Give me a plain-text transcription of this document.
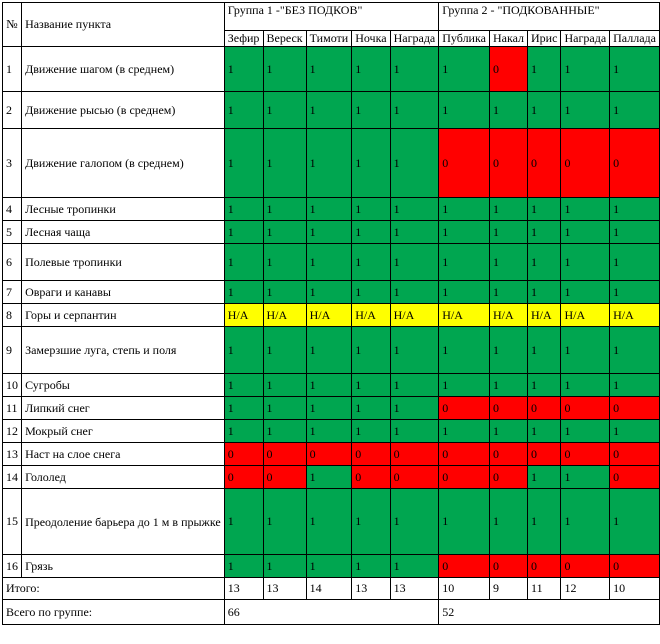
№	Название пункта	Группа 1 -"БЕЗ ПОДКОВ"					Группа 2 - "ПОДКОВАННЫЕ"				
		Зефир	Вереск	Тимоти	Ночка	Награда	Публика	Накал	Ирис	Награда	Паллада
1	Движение шагом (в среднем)	1	1	1	1	1	1	0	1	1	1
2	Движение рысью (в среднем)	1	1	1	1	1	1	1	1	1	1
3	Движение галопом (в среднем)	1	1	1	1	1	0	0	0	0	0
4	Лесные тропинки	1	1	1	1	1	1	1	1	1	1
5	Лесная чаща	1	1	1	1	1	1	1	1	1	1
6	Полевые тропинки	1	1	1	1	1	1	1	1	1	1
7	Овраги и канавы	1	1	1	1	1	1	1	1	1	1
8	Горы и серпантин	Н/А	Н/А	Н/А	Н/А	Н/А	Н/А	Н/А	Н/А	Н/А	Н/А
9	Замерзшие луга, степь и поля	1	1	1	1	1	1	1	1	1	1
10	Сугробы	1	1	1	1	1	1	1	1	1	1
11	Липкий снег	1	1	1	1	1	0	0	0	0	0
12	Мокрый снег	1	1	1	1	1	1	1	1	1	1
13	Наст на слое снега	0	0	0	0	0	0	0	0	0	0
14	Гололед	0	0	1	0	0	0	0	1	1	0
15	Преодоление барьера до 1 м в прыжке	1	1	1	1	1	1	1	1	1	1
16	Грязь	1	1	1	1	1	0	0	0	0	0
Итого:		13	13	14	13	13	10	9	11	12	10
Всего по группе:		66					52				
